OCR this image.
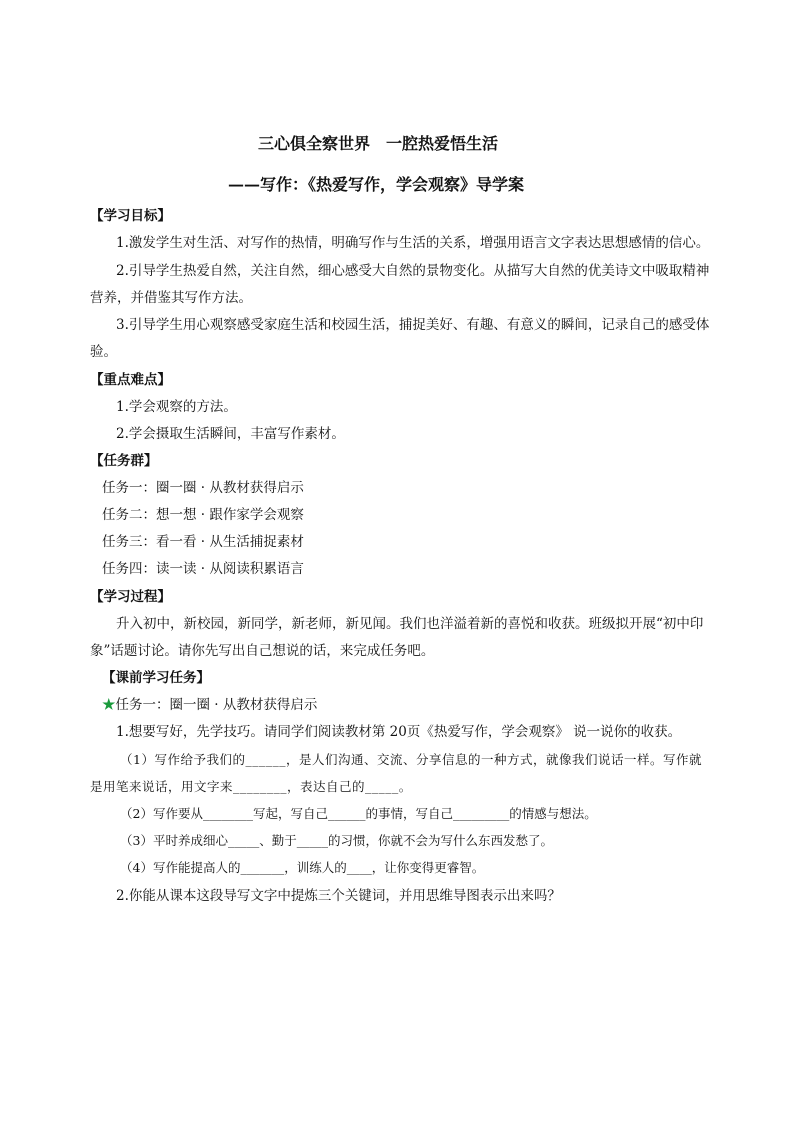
三心俱全察世界　一腔热爱悟生活
——写作：《热爱写作，学会观察》导学案
【学习目标】
1.激发学生对生活、对写作的热情，明确写作与生活的关系，增强用语言文字表达思想感情的信心。
2.引导学生热爱自然，关注自然，细心感受大自然的景物变化。从描写大自然的优美诗文中吸取精神
营养，并借鉴其写作方法。
3.引导学生用心观察感受家庭生活和校园生活，捕捉美好、有趣、有意义的瞬间，记录自己的感受体
验。
【重点难点】
1.学会观察的方法。
2.学会摄取生活瞬间，丰富写作素材。
【任务群】
任务一：圈一圈 · 从教材获得启示
任务二：想一想 · 跟作家学会观察
任务三：看一看 · 从生活捕捉素材
任务四：读一读 · 从阅读积累语言
【学习过程】
升入初中，新校园，新同学，新老师，新见闻。我们也洋溢着新的喜悦和收获。班级拟开展“初中印
象”话题讨论。请你先写出自己想说的话，来完成任务吧。
【课前学习任务】
★任务一：圈一圈 · 从教材获得启示
1.想要写好，先学技巧。请同学们阅读教材第 20页《热爱写作，学会观察》 说一说你的收获。
（1）写作给予我们的______，是人们沟通、交流、分享信息的一种方式，就像我们说话一样。写作就
是用笔来说话，用文字来________，表达自己的_____。
（2）写作要从________写起，写自己______的事情，写自己_________的情感与想法。
（3）平时养成细心_____、勤于_____的习惯，你就不会为写什么东西发愁了。
（4）写作能提高人的_______，训练人的____，让你变得更睿智。
2.你能从课本这段导写文字中提炼三个关键词，并用思维导图表示出来吗？
